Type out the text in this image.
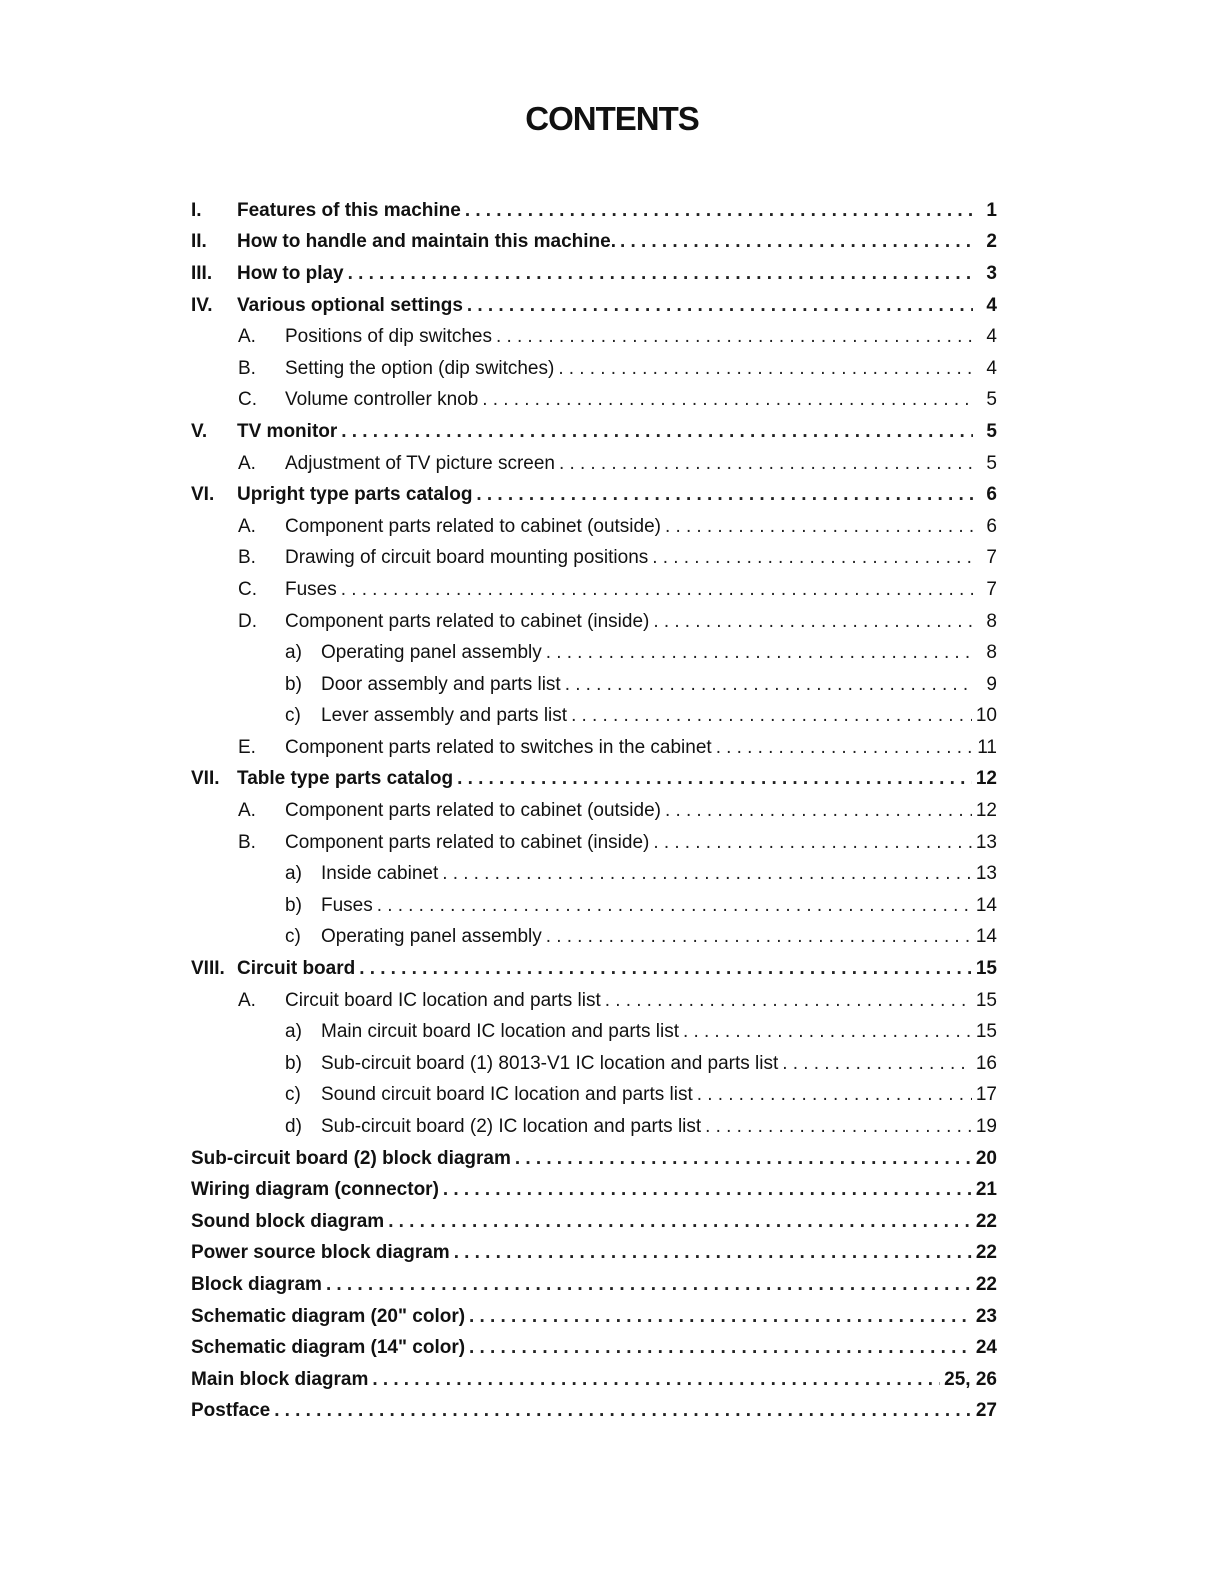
CONTENTS
I.	Features of this machine .....	1
II.	How to handle and maintain this machine. .....	2
III.	How to play .....	3
IV.	Various optional settings .....	4
A.	Positions of dip switches .....	4
B.	Setting the option (dip switches) .....	4
C.	Volume controller knob .....	5
V.	TV monitor .....	5
A.	Adjustment of TV picture screen .....	5
VI.	Upright type parts catalog .....	6
A.	Component parts related to cabinet (outside) .....	6
B.	Drawing of circuit board mounting positions .....	7
C.	Fuses .....	7
D.	Component parts related to cabinet (inside) .....	8
a)	Operating panel assembly .....	8
b)	Door assembly and parts list .....	9
c)	Lever assembly and parts list .....	10
E.	Component parts related to switches in the cabinet .....	11
VII. Table type parts catalog .....	12
A.	Component parts related to cabinet (outside) .....	12
B.	Component parts related to cabinet (inside) .....	13
a)	Inside cabinet .....	13
b)	Fuses .....	14
c)	Operating panel assembly .....	14
VIII. Circuit board .....	15
A.	Circuit board IC location and parts list .....	15
a)	Main circuit board IC location and parts list .....	15
b)	Sub-circuit board (1) 8013-V1 IC location and parts list .....	16
c)	Sound circuit board IC location and parts list .....	17
d)	Sub-circuit board (2) IC location and parts list .....	19
Sub-circuit board (2) block diagram .....	20
Wiring diagram (connector) .....	21
Sound block diagram .....	22
Power source block diagram .....	22
Block diagram .....	22
Schematic diagram (20" color) .....	23
Schematic diagram (14" color) .....	24
Main block diagram .....	25, 26
Postface .....	27
